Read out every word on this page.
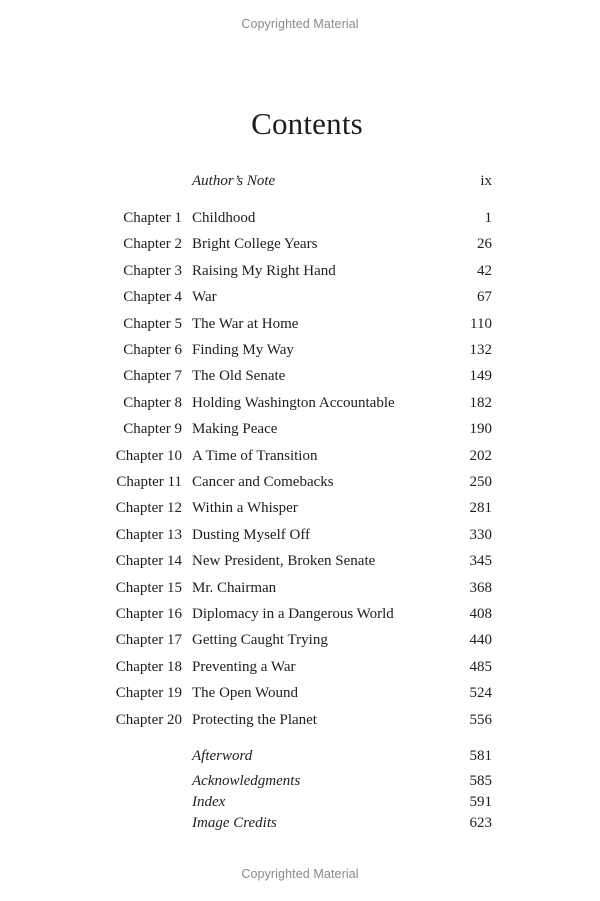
Copyrighted Material
Contents
Author’s Note	ix
Chapter 1 Childhood	1
Chapter 2 Bright College Years	26
Chapter 3 Raising My Right Hand	42
Chapter 4 War	67
Chapter 5 The War at Home	110
Chapter 6 Finding My Way	132
Chapter 7 The Old Senate	149
Chapter 8 Holding Washington Accountable	182
Chapter 9 Making Peace	190
Chapter 10 A Time of Transition	202
Chapter 11 Cancer and Comebacks	250
Chapter 12 Within a Whisper	281
Chapter 13 Dusting Myself Off	330
Chapter 14 New President, Broken Senate	345
Chapter 15 Mr. Chairman	368
Chapter 16 Diplomacy in a Dangerous World	408
Chapter 17 Getting Caught Trying	440
Chapter 18 Preventing a War	485
Chapter 19 The Open Wound	524
Chapter 20 Protecting the Planet	556
Afterword	581
Acknowledgments	585
Index	591
Image Credits	623
Copyrighted Material
